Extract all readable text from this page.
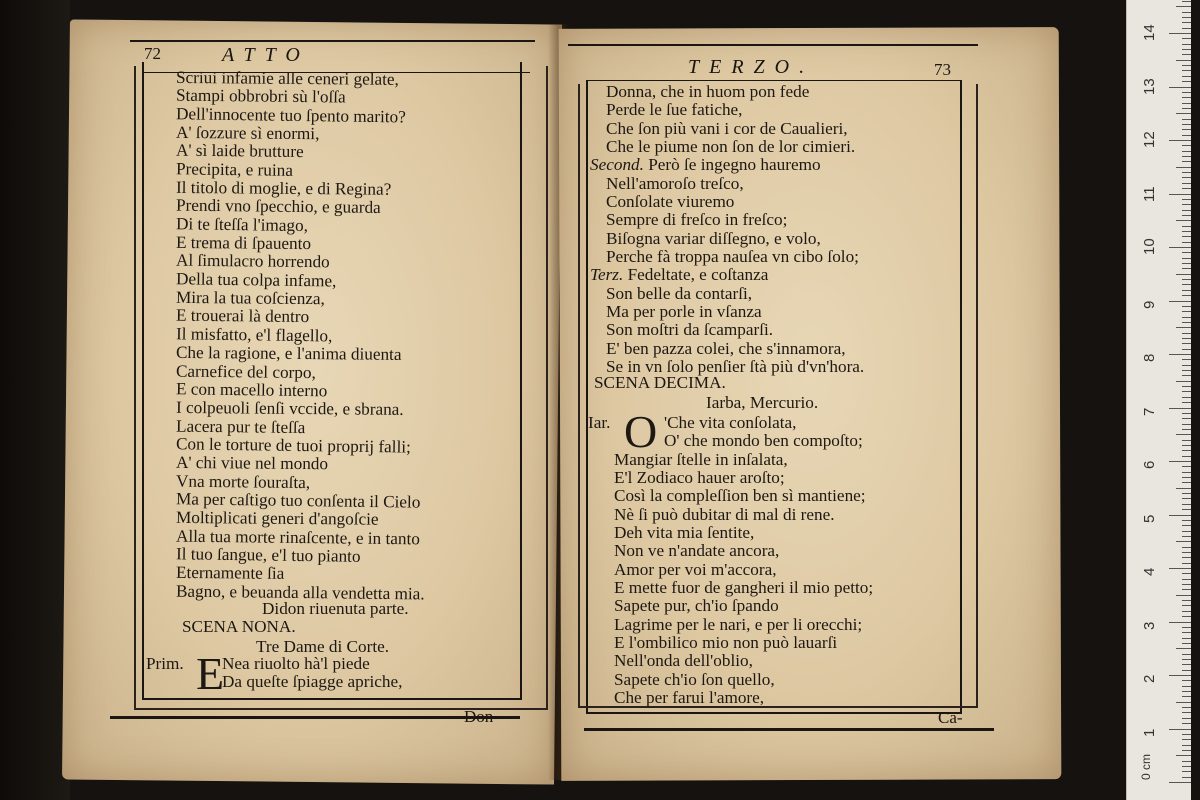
72	ATTO
Scriui infamie alle ceneri gelate,
Stampi obbrobri sù l'oſſa
Dell'innocente tuo ſpento marito?
A' ſozzure sì enormi,
A' sì laide brutture
Precipita, e ruina
Il titolo di moglie, e di Regina?
Prendi vno ſpecchio, e guarda
Di te ſteſſa l'imago,
E trema di ſpauento
Al ſimulacro horrendo
Della tua colpa infame,
Mira la tua coſcienza,
E trouerai là dentro
Il misfatto, e'l flagello,
Che la ragione, e l'anima diuenta
Carnefice del corpo,
E con macello interno
I colpeuoli ſenſi vccide, e sbrana.
Lacera pur te ſteſſa
Con le torture de tuoi proprij falli;
A' chi viue nel mondo
Vna morte ſouraſta,
Ma per caſtigo tuo conſenta il Cielo
Moltiplicati generi d'angoſcie
Alla tua morte rinaſcente, e in tanto
Il tuo ſangue, e'l tuo pianto
Eternamente ſia
Bagno, e beuanda alla vendetta mia.
Didon riuenuta parte.
SCENA NONA.
Tre Dame di Corte.
Prim. E
Nea riuolto hà'l piede
Da queſte ſpiagge apriche,
Don-
TERZO.	73
Donna, che in huom pon fede
Perde le ſue fatiche,
Che ſon più vani i cor de Caualieri,
Che le piume non ſon de lor cimieri.
Second. Però ſe ingegno hauremo
Nell'amoroſo treſco,
Conſolate viuremo
Sempre di freſco in freſco;
Biſogna variar diſſegno, e volo,
Perche fà troppa nauſea vn cibo ſolo;
Terz. Fedeltate, e coſtanza
Son belle da contarſi,
Ma per porle in vſanza
Son moſtri da ſcamparſi.
E' ben pazza colei, che s'innamora,
Se in vn ſolo penſier ſtà più d'vn'hora.
SCENA DECIMA.
Iarba, Mercurio.
Iar. O 'Che vita conſolata,
O' che mondo ben compoſto;
Mangiar ſtelle in inſalata,
E'l Zodiaco hauer aroſto;
Così la compleſſion ben sì mantiene;
Nè ſi può dubitar di mal di rene.
Deh vita mia ſentite,
Non ve n'andate ancora,
Amor per voi m'accora,
E mette fuor de gangheri il mio petto;
Sapete pur, ch'io ſpando
Lagrime per le nari, e per li orecchi;
E l'ombilico mio non può lauarſi
Nell'onda dell'oblio,
Sapete ch'io ſon quello,
Che per farui l'amore,
Ca-
0 cm
1
2
3
4
5
6
7
8
9
10
11
12
13
14
